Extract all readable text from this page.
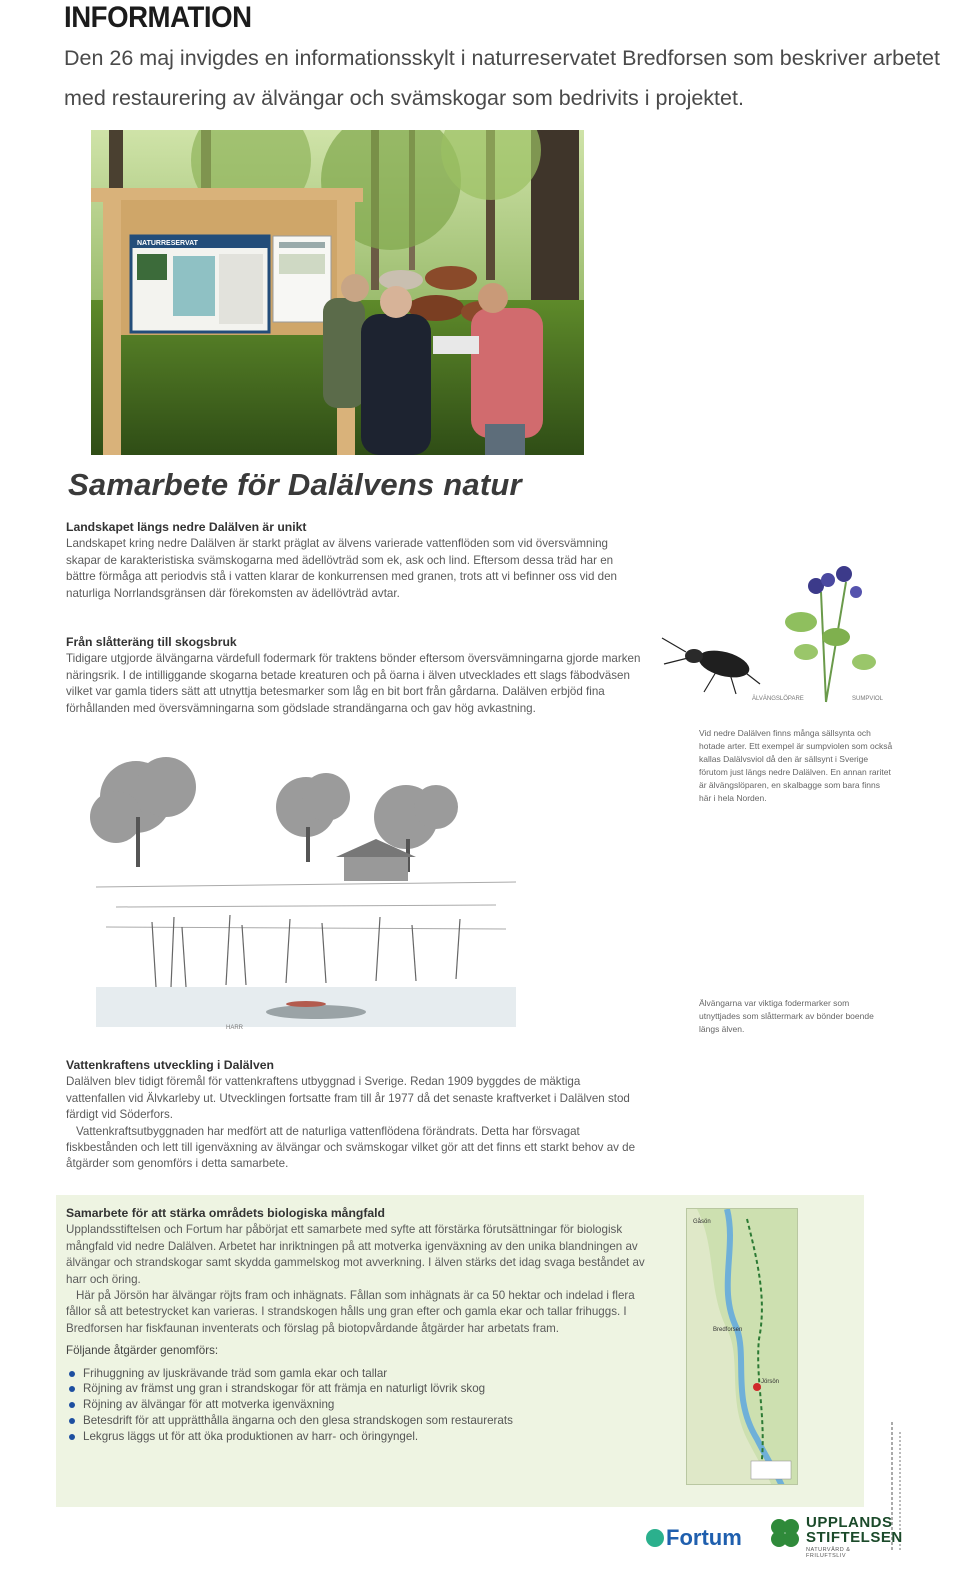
INFORMATION

Den 26 maj invigdes en informationsskylt i naturreservatet Bredforsen som beskriver arbetet med restaurering av älvängar och svämskogar som bedrivits i projektet.

NATURRESERVAT
Samarbete för Dalälvens natur
Landskapet längs nedre Dalälven är unikt

Landskapet kring nedre Dalälven är starkt präglat av älvens varierade vattenflöden som vid översvämning skapar de karakteristiska svämskogarna med ädellövträd som ek, ask och lind. Eftersom dessa träd har en bättre förmåga att periodvis stå i vatten klarar de konkurrensen med granen, trots att vi befinner oss vid den naturliga Norrlandsgränsen där förekomsten av ädellövträd avtar.

Från slåtteräng till skogsbruk

Tidigare utgjorde älvängarna värdefull fodermark för traktens bönder eftersom översvämningarna gjorde marken näringsrik. I de intilliggande skogarna betade kreaturen och på öarna i älven utvecklades ett slags fäbodväsen vilket var gamla tiders sätt att utnyttja betesmarker som låg en bit bort från gårdarna. Dalälven erbjöd fina förhållanden med översvämningarna som gödslade strandängarna och gav hög avkastning.

ÄLVÄNGSLÖPARE	SUMPVIOL
Vid nedre Dalälven finns många sällsynta och hotade arter. Ett exempel är sumpviolen som också kallas Dalälvsviol då den är sällsynt i Sverige förutom just längs nedre Dalälven. En annan raritet är älvängslöparen, en skalbagge som bara finns här i hela Norden.
HARR
Älvängarna var viktiga fodermarker som utnyttjades som slåttermark av bönder boende längs älven.
Vattenkraftens utveckling i Dalälven

Dalälven blev tidigt föremål för vattenkraftens utbyggnad i Sverige. Redan 1909 byggdes de mäktiga vattenfallen vid Älvkarleby ut. Utvecklingen fortsatte fram till år 1977 då det senaste kraftverket i Dalälven stod färdigt vid Söderfors.

Vattenkraftsutbyggnaden har medfört att de naturliga vattenflödena förändrats. Detta har försvagat fiskbestånden och lett till igenväxning av älvängar och svämskogar vilket gör att det finns ett starkt behov av de åtgärder som genomförs i detta samarbete.

Samarbete för att stärka områdets biologiska mångfald

Upplandsstiftelsen och Fortum har påbörjat ett samarbete med syfte att förstärka förutsättningar för biologisk mångfald vid nedre Dalälven. Arbetet har inriktningen på att motverka igenväxning av den unika blandningen av älvängar och strandskogar samt skydda gammelskog mot avverkning. I älven stärks det idag svaga beståndet av harr och öring.

Här på Jörsön har älvängar röjts fram och inhägnats. Fållan som inhägnats är ca 50 hektar och indelad i flera fållor så att betestrycket kan varieras. I strandskogen hålls ung gran efter och gamla ekar och tallar frihuggs. I Bredforsen har fiskfaunan inventerats och förslag på biotopvårdande åtgärder har arbetats fram.

Följande åtgärder genomförs:
Frihuggning av ljuskrävande träd som gamla ekar och tallar
Röjning av främst ung gran i strandskogar för att främja en naturligt lövrik skog
Röjning av älvängar för att motverka igenväxning
Betesdrift för att upprätthålla ängarna och den glesa strandskogen som restaurerats
Lekgrus läggs ut för att öka produktionen av harr- och öringyngel.
Gåsön
Bredforsen
Jörsön
Fortum
UPPLANDS
STIFTELSEN
NATURVÅRD & FRILUFTSLIV
